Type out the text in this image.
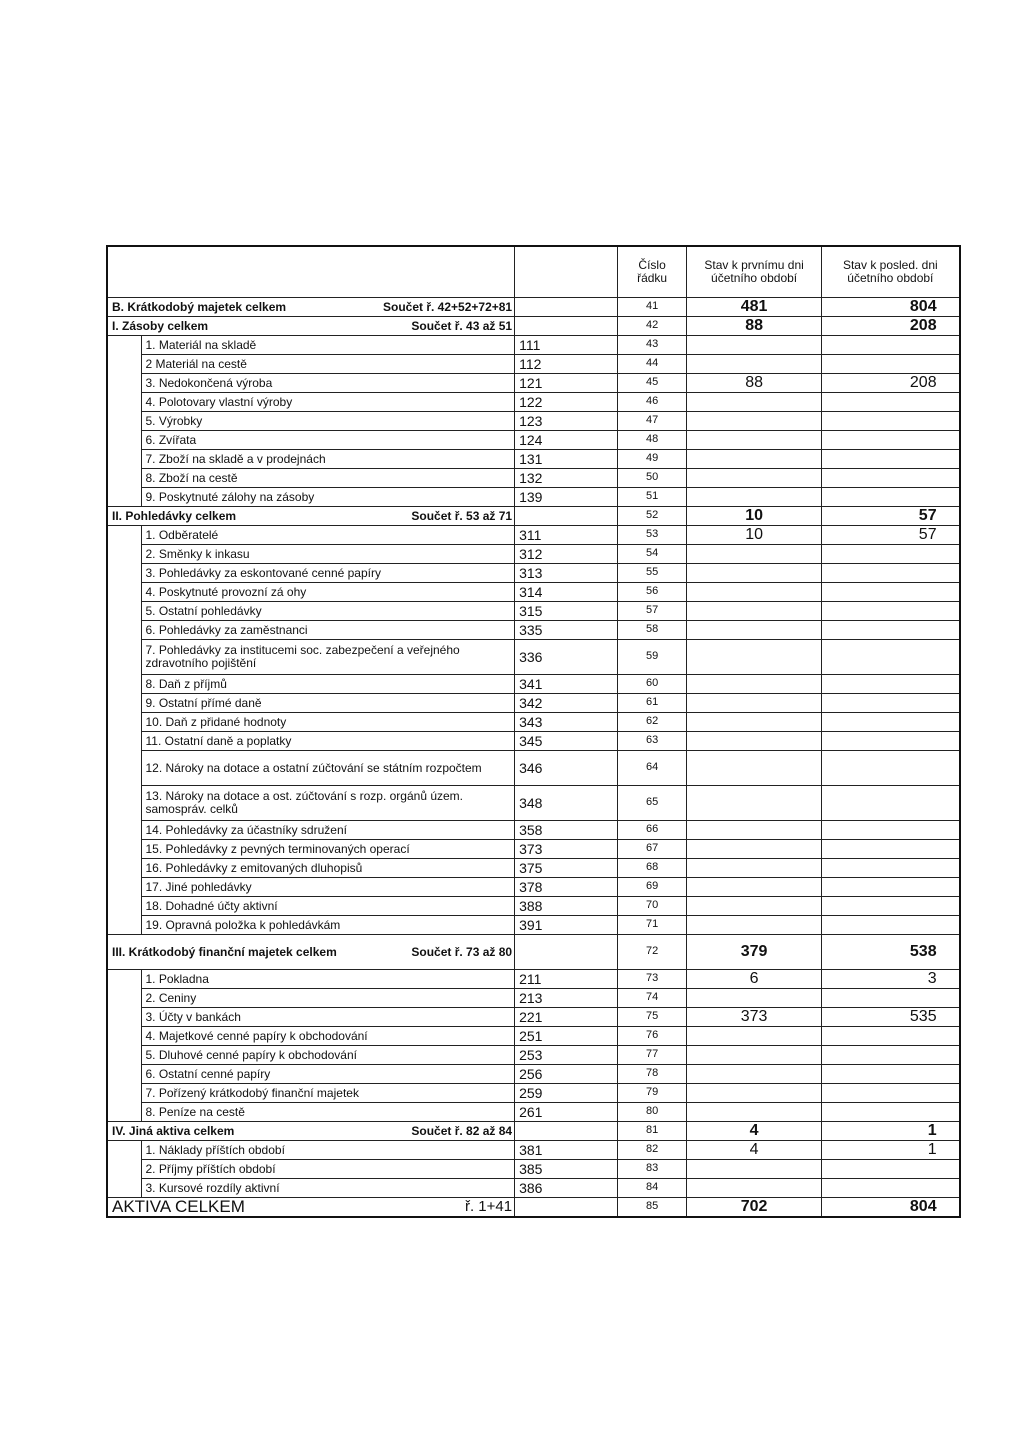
				Číslo řádku	Stav k prvnímu dni účetního období	Stav k posled. dni účetního období
B. Krátkodobý majetek celkem		Součet ř. 42+52+72+81		41	481	804
I. Zásoby celkem		Součet ř. 43 až 51		42	88	208
	1. Materiál na skladě		111	43		
	2 Materiál na cestě		112	44		
	3. Nedokončená výroba		121	45	88	208
	4. Polotovary vlastní výroby		122	46		
	5. Výrobky		123	47		
	6. Zvířata		124	48		
	7. Zboží na skladě a v prodejnách		131	49		
	8. Zboží na cestě		132	50		
	9. Poskytnuté zálohy na zásoby		139	51		
II. Pohledávky celkem		Součet ř. 53 až 71		52	10	57
	1. Odběratelé		311	53	10	57
	2. Směnky k inkasu		312	54		
	3. Pohledávky za eskontované cenné papíry		313	55		
	4. Poskytnuté provozní zá ohy		314	56		
	5. Ostatní pohledávky		315	57		
	6. Pohledávky za zaměstnanci		335	58		
	7. Pohledávky za institucemi soc. zabezpečení a veřejného zdravotního pojištění		336	59		
	8. Daň z příjmů		341	60		
	9. Ostatní přímé daně		342	61		
	10. Daň z přidané hodnoty		343	62		
	11. Ostatní daně a poplatky		345	63		
	12. Nároky na dotace a ostatní zúčtování se státním rozpočtem		346	64		
	13. Nároky na dotace a ost. zúčtování s rozp. orgánů územ. samospráv. celků		348	65		
	14. Pohledávky za účastníky sdružení		358	66		
	15. Pohledávky z pevných terminovaných operací		373	67		
	16. Pohledávky z emitovaných dluhopisů		375	68		
	17. Jiné pohledávky		378	69		
	18. Dohadné účty aktivní		388	70		
	19. Opravná položka k pohledávkám		391	71		
III. Krátkodobý finanční majetek celkem		Součet ř. 73 až 80		72	379	538
	1. Pokladna		211	73	6	3
	2. Ceniny		213	74		
	3. Účty v bankách		221	75	373	535
	4. Majetkové cenné papíry k obchodování		251	76		
	5. Dluhové cenné papíry k obchodování		253	77		
	6. Ostatní cenné papíry		256	78		
	7. Pořízený krátkodobý finanční majetek		259	79		
	8. Peníze na cestě		261	80		
IV. Jiná aktiva celkem		Součet ř. 82 až 84		81	4	1
	1. Náklady příštích období		381	82	4	1
	2. Příjmy příštích období		385	83		
	3. Kursové rozdíly aktivní		386	84		
AKTIVA CELKEM		ř. 1+41		85	702	804
